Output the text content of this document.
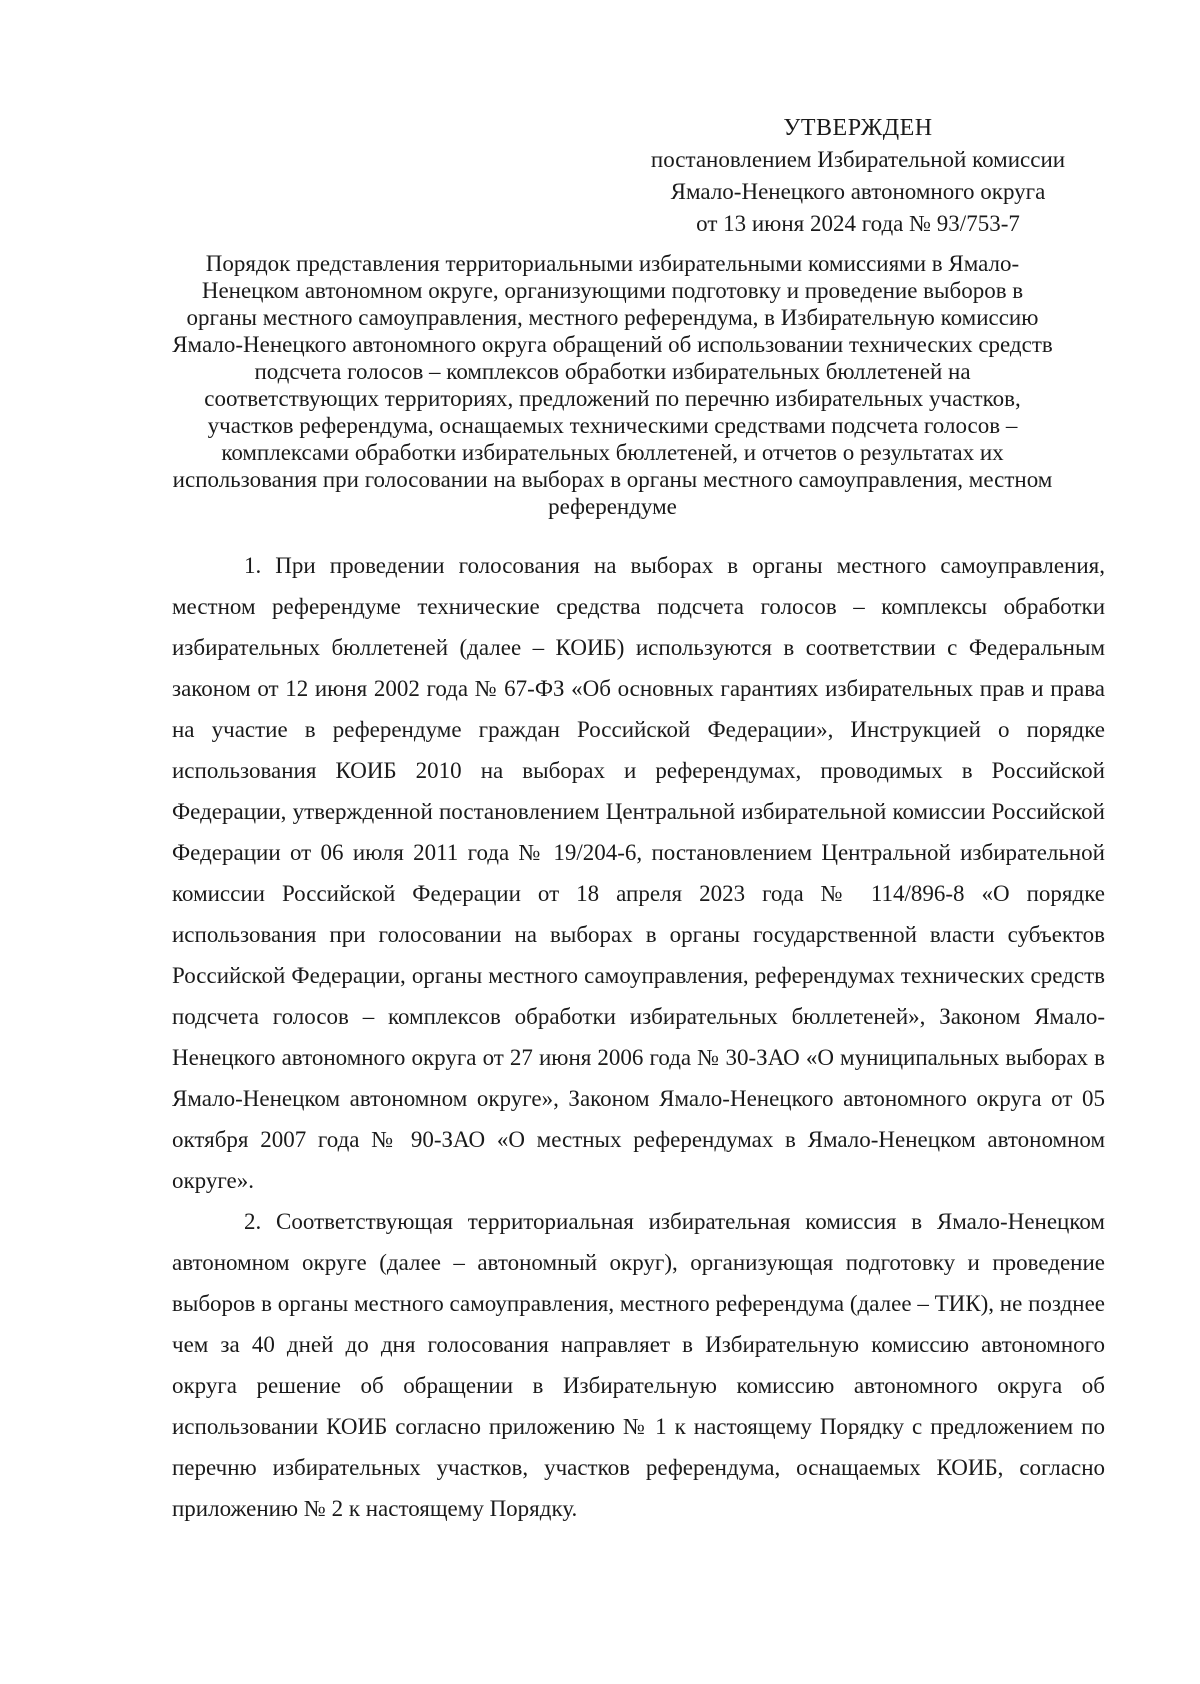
УТВЕРЖДЕН
постановлением Избирательной комиссии
Ямало-Ненецкого автономного округа
от 13 июня 2024 года № 93/753-7
Порядок представления территориальными избирательными комиссиями в Ямало-Ненецком автономном округе, организующими подготовку и проведение выборов в органы местного самоуправления, местного референдума, в Избирательную комиссию Ямало-Ненецкого автономного округа обращений об использовании технических средств подсчета голосов – комплексов обработки избирательных бюллетеней на соответствующих территориях, предложений по перечню избирательных участков, участков референдума, оснащаемых техническими средствами подсчета голосов – комплексами обработки избирательных бюллетеней, и отчетов о результатах их использования при голосовании на выборах в органы местного самоуправления, местном референдуме

1. При проведении голосования на выборах в органы местного самоуправления, местном референдуме технические средства подсчета голосов – комплексы обработки избирательных бюллетеней (далее – КОИБ) используются в соответствии с Федеральным законом от 12 июня 2002 года № 67-ФЗ «Об основных гарантиях избирательных прав и права на участие в референдуме граждан Российской Федерации», Инструкцией о порядке использования КОИБ 2010 на выборах и референдумах, проводимых в Российской Федерации, утвержденной постановлением Центральной избирательной комиссии Российской Федерации от 06 июля 2011 года № 19/204-6, постановлением Центральной избирательной комиссии Российской Федерации от 18 апреля 2023 года № 114/896-8 «О порядке использования при голосовании на выборах в органы государственной власти субъектов Российской Федерации, органы местного самоуправления, референдумах технических средств подсчета голосов – комплексов обработки избирательных бюллетеней», Законом Ямало-Ненецкого автономного округа от 27 июня 2006 года № 30-ЗАО «О муниципальных выборах в Ямало-Ненецком автономном округе», Законом Ямало-Ненецкого автономного округа от 05 октября 2007 года № 90-ЗАО «О местных референдумах в Ямало-Ненецком автономном округе».

2. Соответствующая территориальная избирательная комиссия в Ямало-Ненецком автономном округе (далее – автономный округ), организующая подготовку и проведение выборов в органы местного самоуправления, местного референдума (далее – ТИК), не позднее чем за 40 дней до дня голосования направляет в Избирательную комиссию автономного округа решение об обращении в Избирательную комиссию автономного округа об использовании КОИБ согласно приложению № 1 к настоящему Порядку с предложением по перечню избирательных участков, участков референдума, оснащаемых КОИБ, согласно приложению № 2 к настоящему Порядку.
